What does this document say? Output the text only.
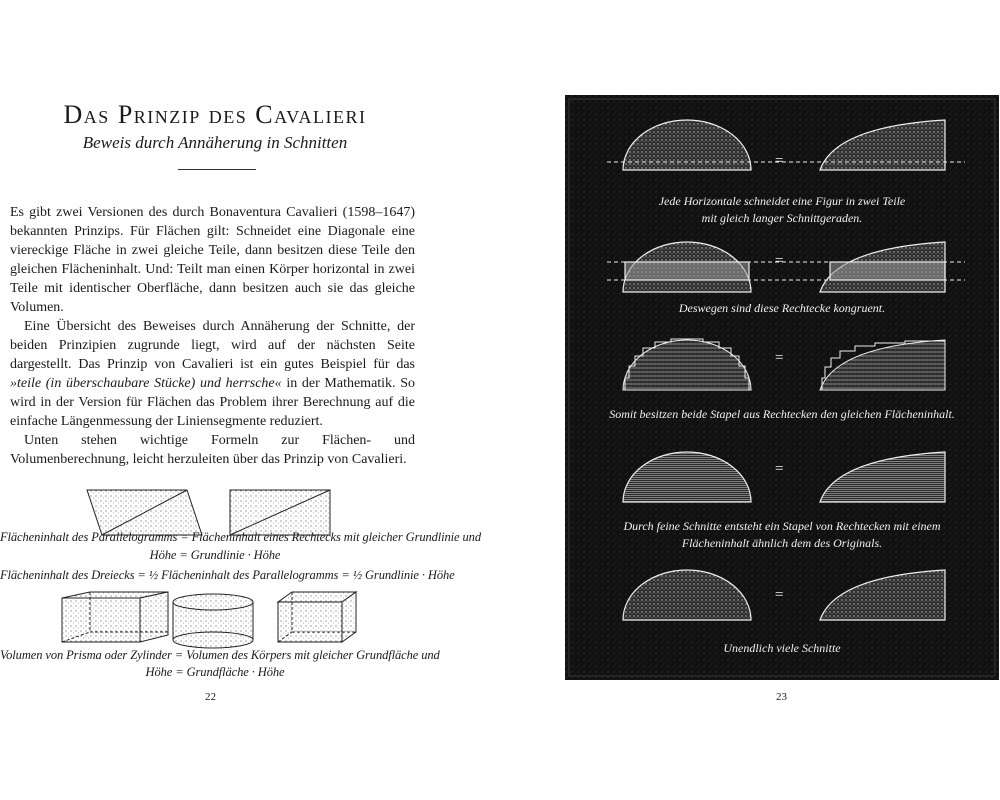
Das Prinzip des Cavalieri
Beweis durch Annäherung in Schnitten

Es gibt zwei Versionen des durch Bonaventura Cavalieri (1598–1647) bekannten Prinzips. Für Flächen gilt: Schneidet eine Diagonale eine viereckige Fläche in zwei gleiche Teile, dann besitzen diese Teile den gleichen Flächeninhalt. Und: Teilt man einen Körper horizontal in zwei Teile mit identischer Oberfläche, dann besitzen auch sie das gleiche Volumen.

Eine Übersicht des Beweises durch Annäherung der Schnitte, der beiden Prinzipien zugrunde liegt, wird auf der nächsten Seite dargestellt. Das Prinzip von Cavalieri ist ein gutes Beispiel für das »teile (in überschaubare Stücke) und herrsche« in der Mathematik. So wird in der Version für Flächen das Problem ihrer Berechnung auf die einfache Längenmessung der Liniensegmente reduziert.

Unten stehen wichtige Formeln zur Flächen- und Volumenberechnung, leicht herzuleiten über das Prinzip von Cavalieri.

Flächeninhalt des Parallelogramms = Flächeninhalt eines Rechtecks mit gleicher Grundlinie und
Höhe = Grundlinie · Höhe
Flächeninhalt des Dreiecks = ½ Flächeninhalt des Parallelogramms = ½ Grundlinie · Höhe
Volumen von Prisma oder Zylinder = Volumen des Körpers mit gleicher Grundfläche und
Höhe = Grundfläche · Höhe
22
=
=
=
=
=
Jede Horizontale schneidet eine Figur in zwei Teile
mit gleich langer Schnittgeraden.
Deswegen sind diese Rechtecke kongruent.
Somit besitzen beide Stapel aus Rechtecken den gleichen Flächeninhalt.
Durch feine Schnitte entsteht ein Stapel von Rechtecken mit einem
Flächeninhalt ähnlich dem des Originals.
Unendlich viele Schnitte
23
